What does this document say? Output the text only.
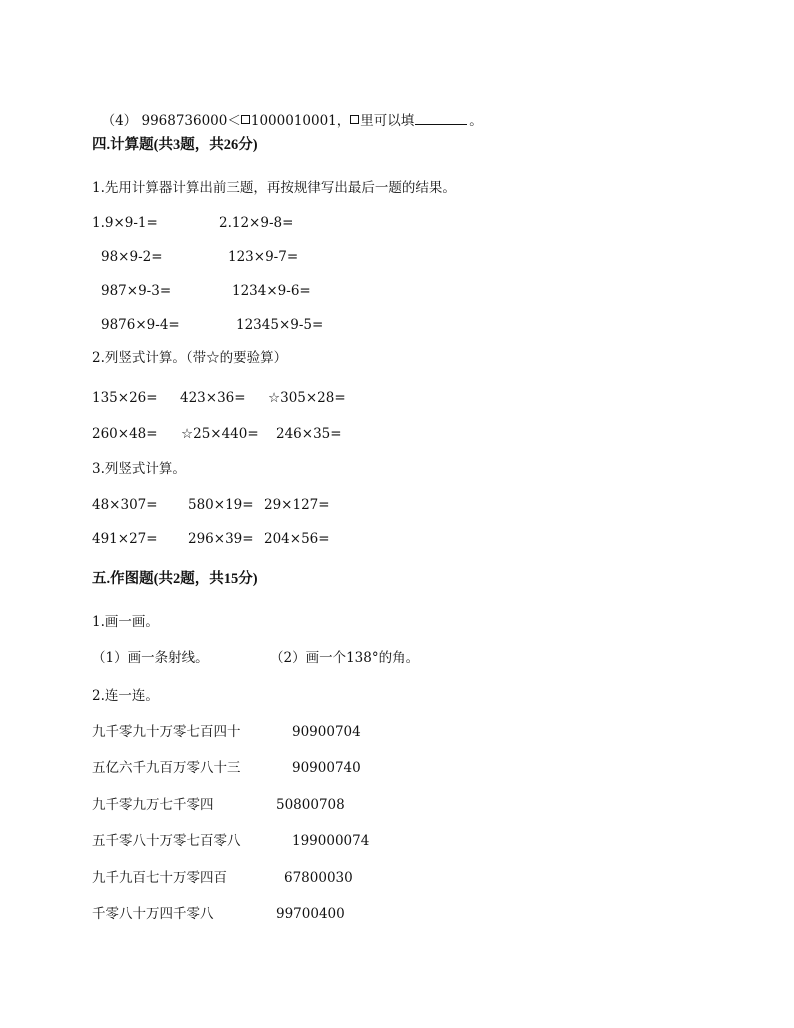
（4） 9968736000＜ 1000010001， 里可以填	。

四.计算题(共3题，共26分)
1.先用计算器计算出前三题，再按规律写出最后一题的结果。
1.9×9-1=	2.12×9-8=
98×9-2=	123×9-7=
987×9-3=	1234×9-6=
9876×9-4=	12345×9-5=
2.列竖式计算。（带☆的要验算）
135×26= 423×36= ☆305×28=
260×48= ☆25×440= 246×35=
3.列竖式计算。
48×307= 580×19= 29×127=
491×27= 296×39= 204×56=
五.作图题(共2题，共15分)
1.画一画。
（1）画一条射线。	（2）画一个138°的角。
2.连一连。
九千零九十万零七百四十	90900704
五亿六千九百万零八十三	90900740
九千零九万七千零四	50800708
五千零八十万零七百零八	199000074
九千九百七十万零四百	67800030
千零八十万四千零八	99700400
